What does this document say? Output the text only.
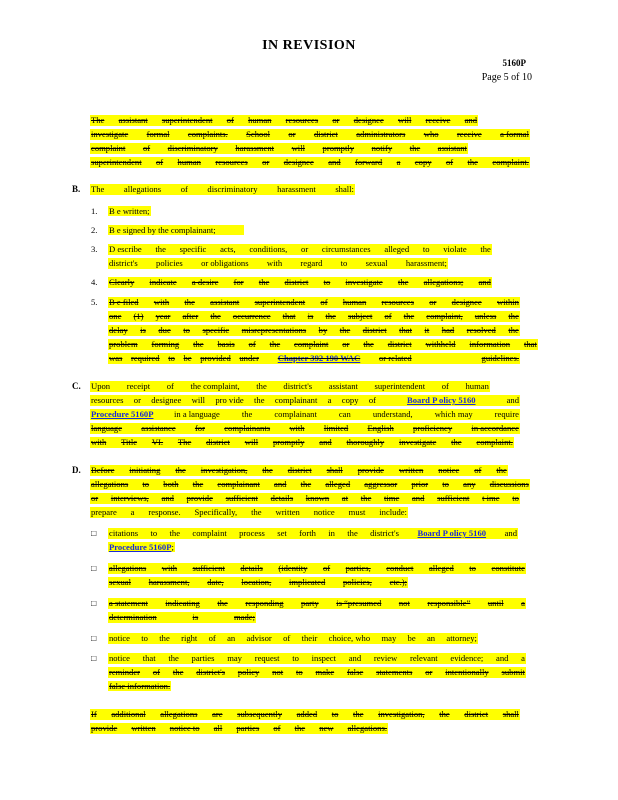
IN REVISION
5160P
Page 5 of 10
The assistant superintendent of human resources or designee will receive and
investigate formal complaints. School or district administrators who receive a formal
complaint of discriminatory harassment will promptly notify the assistant
superintendent of human resources or designee and forward a copy of the complaint.
B. The allegations of discriminatory harassment shall:
1. B e written;
2. B e signed by the complainant;
3. D escribe the specific acts, conditions, or circumstances alleged to violate the
district's policies or obligations with regard to sexual harassment;
4. Clearly indicate a desire for the district to investigate the allegations; and
5. B e filed with the assistant superintendent of human resources or designee within
one (1) year after the occurrence that is the subject of the complaint, unless the
delay is due to specific misrepresentations by the district that it had resolved the
problem forming the basis of the complaint or the district withheld information that
was required to be provided under Chapter 392 190 WAC or related	guidelines.
C. Upon receipt of the complaint, the district's assistant superintendent of human
resources or designee will pro vide the complainant a copy of	Board P olicy 5160	and
Procedure 5160P in a language	the	complainant	can	understand,	which may	require
language assistance for complainants with limited English proficiency in accordance
with Title VI. The district will promptly and thoroughly investigate the complaint.
D. Before initiating the investigation, the district shall provide written notice of the
allegations to both the complainant and the alleged aggressor prior to any discussions
or interviews, and provide sufficient details known at the time and sufficient t ime to
prepare a response. Specifically, the written notice must include:
□ citations to the complaint process set forth in the district's Board P olicy 5160 and
Procedure 5160P;
□ allegations with sufficient details (identity of parties, conduct alleged to constitute
sexual harassment, date, location, implicated policies, etc.);
□ a statement indicating the responding party is “presumed not responsible” until a
determination	is	made;
□ notice to the right of an advisor of their choice, who may be an attorney;
□ notice that the parties may request to inspect and review relevant evidence; and a
reminder of the district's policy not to make false statements or intentionally submit
false information.
If additional allegations are subsequently added to the investigation, the district shall
provide written notice to all parties of the new allegations.
